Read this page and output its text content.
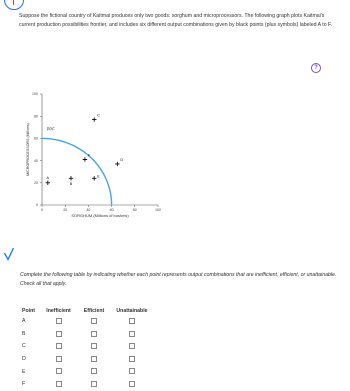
Suppose the fictional country of Kaitmai produces only two goods: sorghum and microprocessors. The following graph plots Kaitmai's current production possibilities frontier, and includes six different output combinations given by black points (plus symbols) labeled A to F.
?
0	20	40	60	80	100
0
20
40
60
80
100
SORGHUM (Millions of bushels)
MICROPROCESSORS (Millions)	PPF
A
B
C
D
E
F
Complete the following table by indicating whether each point represents output combinations that are inefficient, efficient, or unattainable. Check all that apply.
Point	Inefficient	Efficient	Unattainable
A			
B			
C			
D			
E			
F			
